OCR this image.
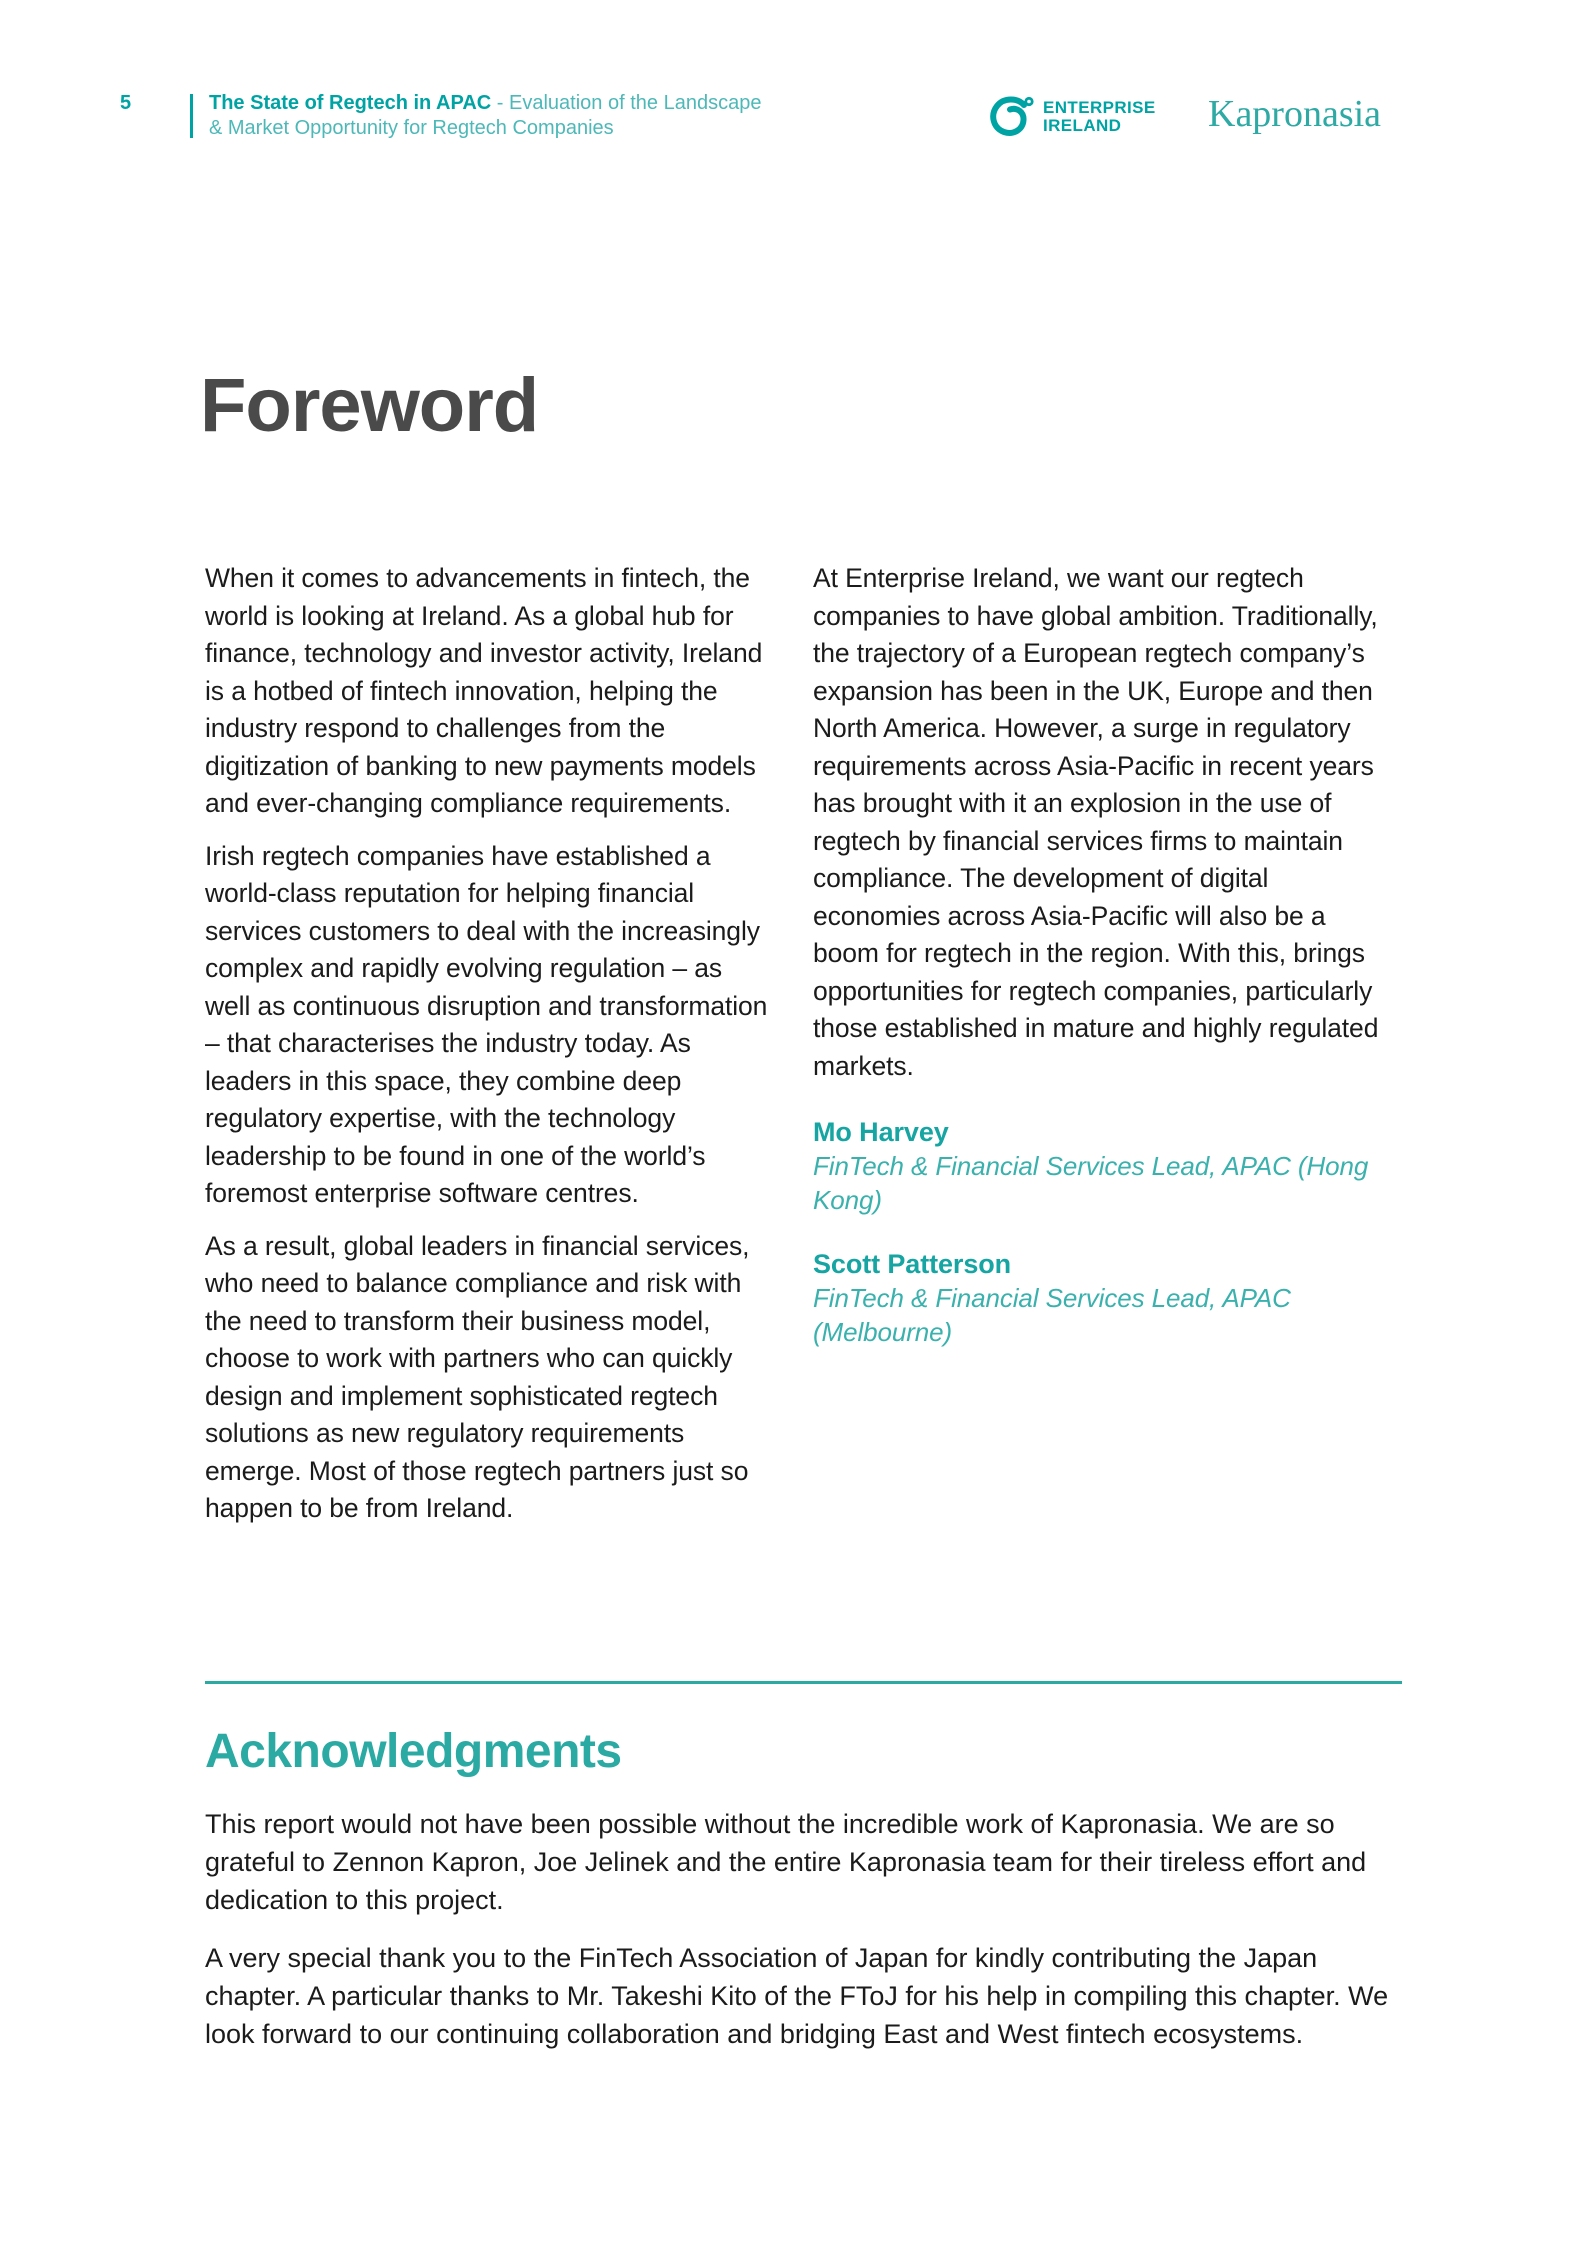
5	The State of Regtech in APAC - Evaluation of the Landscape
& Market Opportunity for Regtech Companies
ENTERPRISE
IRELAND	Kapronasia
Foreword

When it comes to advancements in fintech, the world is looking at Ireland. As a global hub for finance, technology and investor activity, Ireland is a hotbed of fintech innovation, helping the industry respond to challenges from the digitization of banking to new payments models and ever-changing compliance requirements.

Irish regtech companies have established a world-class reputation for helping financial services customers to deal with the increasingly complex and rapidly evolving regulation – as well as continuous disruption and transformation – that characterises the industry today. As leaders in this space, they combine deep regulatory expertise, with the technology leadership to be found in one of the world’s foremost enterprise software centres.

As a result, global leaders in financial services, who need to balance compliance and risk with the need to transform their business model, choose to work with partners who can quickly design and implement sophisticated regtech solutions as new regulatory requirements emerge. Most of those regtech partners just so happen to be from Ireland.

At Enterprise Ireland, we want our regtech companies to have global ambition. Traditionally, the trajectory of a European regtech company’s expansion has been in the UK, Europe and then North America. However, a surge in regulatory requirements across Asia-Pacific in recent years has brought with it an explosion in the use of regtech by financial services firms to maintain compliance. The development of digital economies across Asia-Pacific will also be a boom for regtech in the region. With this, brings opportunities for regtech companies, particularly those established in mature and highly regulated markets.

Mo Harvey
FinTech & Financial Services Lead, APAC (Hong Kong)
Scott Patterson
FinTech & Financial Services Lead, APAC (Melbourne)
Acknowledgments

This report would not have been possible without the incredible work of Kapronasia. We are so grateful to Zennon Kapron, Joe Jelinek and the entire Kapronasia team for their tireless effort and dedication to this project.

A very special thank you to the FinTech Association of Japan for kindly contributing the Japan chapter. A particular thanks to Mr. Takeshi Kito of the FToJ for his help in compiling this chapter. We look forward to our continuing collaboration and bridging East and West fintech ecosystems.
